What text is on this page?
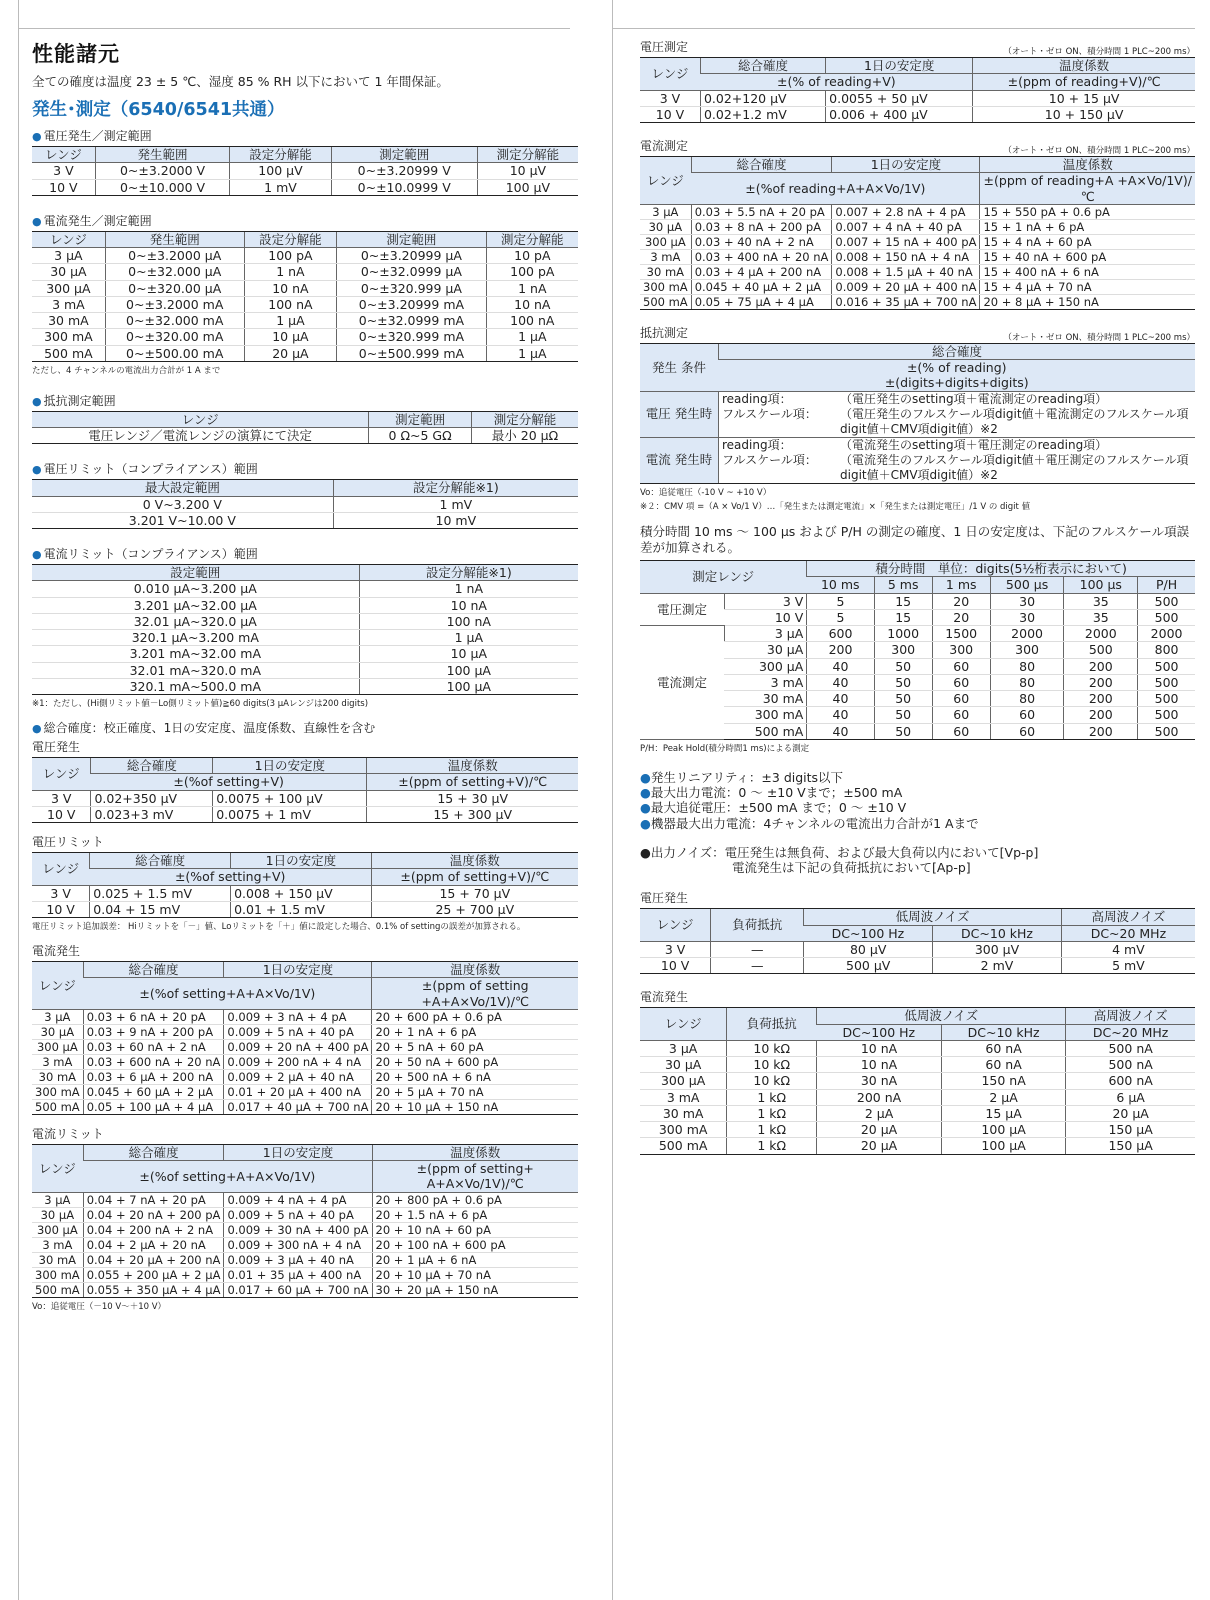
性能諸元
全ての確度は温度 23 ± 5 ℃、湿度 85 % RH 以下において 1 年間保証。
発生･測定（6540/6541共通）
● 電圧発生／測定範囲
レンジ	発生範囲	設定分解能	測定範囲	測定分解能
3 V	0~±3.2000 V	100 μV	0~±3.20999 V	10 μV
10 V	0~±10.000 V	1 mV	0~±10.0999 V	100 μV
● 電流発生／測定範囲
レンジ	発生範囲	設定分解能	測定範囲	測定分解能
3 μA	0~±3.2000 μA	100 pA	0~±3.20999 μA	10 pA
30 μA	0~±32.000 μA	1 nA	0~±32.0999 μA	100 pA
300 μA	0~±320.00 μA	10 nA	0~±320.999 μA	1 nA
3 mA	0~±3.2000 mA	100 nA	0~±3.20999 mA	10 nA
30 mA	0~±32.000 mA	1 μA	0~±32.0999 mA	100 nA
300 mA	0~±320.00 mA	10 μA	0~±320.999 mA	1 μA
500 mA	0~±500.00 mA	20 μA	0~±500.999 mA	1 μA
ただし、4 チャンネルの電流出力合計が 1 A まで
● 抵抗測定範囲
レンジ	測定範囲	測定分解能
電圧レンジ／電流レンジの演算にて決定	0 Ω~5 GΩ	最小 20 μΩ
● 電圧リミット（コンプライアンス）範囲
最大設定範囲	設定分解能※1)
0 V~3.200 V	1 mV
3.201 V~10.00 V	10 mV
● 電流リミット（コンプライアンス）範囲
設定範囲	設定分解能※1)
0.010 μA~3.200 μA	1 nA
3.201 μA~32.00 μA	10 nA
32.01 μA~320.0 μA	100 nA
320.1 μA~3.200 mA	1 μA
3.201 mA~32.00 mA	10 μA
32.01 mA~320.0 mA	100 μA
320.1 mA~500.0 mA	100 μA
※1：ただし、(Hi側リミット値－Lo側リミット値)≧60 digits(3 μAレンジは200 digits)
● 総合確度：校正確度、1日の安定度、温度係数、直線性を含む
電圧発生
レンジ	総合確度	1日の安定度	温度係数
	±(%of setting+V)		±(ppm of setting+V)/℃
3 V	0.02+350 μV	0.0075 + 100 μV	15 + 30 μV
10 V	0.023+3 mV	0.0075 + 1 mV	15 + 300 μV
電圧リミット
レンジ	総合確度	1日の安定度	温度係数
	±(%of setting+V)		±(ppm of setting+V)/℃
3 V	0.025 + 1.5 mV	0.008 + 150 μV	15 + 70 μV
10 V	0.04 + 15 mV	0.01 + 1.5 mV	25 + 700 μV
電圧リミット追加誤差： Hiリミットを「－」値、Loリミットを「＋」値に設定した場合、0.1% of settingの誤差が加算される。
電流発生
レンジ	総合確度	1日の安定度	温度係数
	±(%of setting+A+A×Vo/1V)		±(ppm of setting +A+A×Vo/1V)/℃
3 μA	0.03 + 6 nA + 20 pA	0.009 + 3 nA + 4 pA	20 + 600 pA + 0.6 pA
30 μA	0.03 + 9 nA + 200 pA	0.009 + 5 nA + 40 pA	20 + 1 nA + 6 pA
300 μA	0.03 + 60 nA + 2 nA	0.009 + 20 nA + 400 pA	20 + 5 nA + 60 pA
3 mA	0.03 + 600 nA + 20 nA	0.009 + 200 nA + 4 nA	20 + 50 nA + 600 pA
30 mA	0.03 + 6 μA + 200 nA	0.009 + 2 μA + 40 nA	20 + 500 nA + 6 nA
300 mA	0.045 + 60 μA + 2 μA	0.01 + 20 μA + 400 nA	20 + 5 μA + 70 nA
500 mA	0.05 + 100 μA + 4 μA	0.017 + 40 μA + 700 nA	20 + 10 μA + 150 nA
電流リミット
レンジ	総合確度	1日の安定度	温度係数
	±(%of setting+A+A×Vo/1V)		±(ppm of setting+ A+A×Vo/1V)/℃
3 μA	0.04 + 7 nA + 20 pA	0.009 + 4 nA + 4 pA	20 + 800 pA + 0.6 pA
30 μA	0.04 + 20 nA + 200 pA	0.009 + 5 nA + 40 pA	20 + 1.5 nA + 6 pA
300 μA	0.04 + 200 nA + 2 nA	0.009 + 30 nA + 400 pA	20 + 10 nA + 60 pA
3 mA	0.04 + 2 μA + 20 nA	0.009 + 300 nA + 4 nA	20 + 100 nA + 600 pA
30 mA	0.04 + 20 μA + 200 nA	0.009 + 3 μA + 40 nA	20 + 1 μA + 6 nA
300 mA	0.055 + 200 μA + 2 μA	0.01 + 35 μA + 400 nA	20 + 10 μA + 70 nA
500 mA	0.055 + 350 μA + 4 μA	0.017 + 60 μA + 700 nA	30 + 20 μA + 150 nA
Vo：追従電圧（－10 V～＋10 V）
電圧測定	（オート・ゼロ ON、積分時間 1 PLC~200 ms）
レンジ	総合確度	1日の安定度	温度係数
	±(% of reading+V)		±(ppm of reading+V)/℃
3 V	0.02+120 μV	0.0055 + 50 μV	10 + 15 μV
10 V	0.02+1.2 mV	0.006 + 400 μV	10 + 150 μV
電流測定	（オート・ゼロ ON、積分時間 1 PLC~200 ms）
レンジ	総合確度	1日の安定度	温度係数
	±(%of reading+A+A×Vo/1V)		±(ppm of reading+A +A×Vo/1V)/℃
3 μA	0.03 + 5.5 nA + 20 pA	0.007 + 2.8 nA + 4 pA	15 + 550 pA + 0.6 pA
30 μA	0.03 + 8 nA + 200 pA	0.007 + 4 nA + 40 pA	15 + 1 nA + 6 pA
300 μA	0.03 + 40 nA + 2 nA	0.007 + 15 nA + 400 pA	15 + 4 nA + 60 pA
3 mA	0.03 + 400 nA + 20 nA	0.008 + 150 nA + 4 nA	15 + 40 nA + 600 pA
30 mA	0.03 + 4 μA + 200 nA	0.008 + 1.5 μA + 40 nA	15 + 400 nA + 6 nA
300 mA	0.045 + 40 μA + 2 μA	0.009 + 20 μA + 400 nA	15 + 4 μA + 70 nA
500 mA	0.05 + 75 μA + 4 μA	0.016 + 35 μA + 700 nA	20 + 8 μA + 150 nA
抵抗測定	（オート・ゼロ ON、積分時間 1 PLC~200 ms）
発生 条件	総合確度
	±(% of reading)
	±(digits+digits+digits)
電圧 発生時	reading項： （電圧発生のsetting項＋電流測定のreading項）
フルスケール項： （電圧発生のフルスケール項digit値＋電流測定のフルスケール項digit値＋CMV項digit値）※2

電流 発生時	reading項： （電流発生のsetting項＋電圧測定のreading項）
フルスケール項： （電流発生のフルスケール項digit値＋電圧測定のフルスケール項digit値＋CMV項digit値）※2
Vo：追従電圧（-10 V ~ +10 V）
※２：CMV 項 =（A × Vo/1 V）…「発生または測定電流」×「発生または測定電圧」/1 V の digit 値
積分時間 10 ms ～ 100 μs および P/H の測定の確度、1 日の安定度は、下記のフルスケール項誤差が加算される。
測定レンジ		積分時間　単位：digits(5½桁表示において)					
		10 ms	5 ms	1 ms	500 μs	100 μs	P/H
電圧測定	3 V	5	15	20	30	35	500
	10 V	5	15	20	30	35	500
電流測定	3 μA	600	1000	1500	2000	2000	2000
	30 μA	200	300	300	300	500	800
	300 μA	40	50	60	80	200	500
	3 mA	40	50	60	80	200	500
	30 mA	40	50	60	80	200	500
	300 mA	40	50	60	60	200	500
	500 mA	40	50	60	60	200	500
P/H：Peak Hold(積分時間1 ms)による測定
●発生リニアリティ：±3 digits以下
●最大出力電流：0 ～ ±10 Vまで；±500 mA
●最大追従電圧：±500 mA まで；0 ～ ±10 V
●機器最大出力電流：4チャンネルの電流出力合計が1 Aまで
●出力ノイズ：電圧発生は無負荷、および最大負荷以内において[Vp-p]
電流発生は下記の負荷抵抗において[Ap-p]
電圧発生
レンジ	負荷抵抗	低周波ノイズ		高周波ノイズ
		DC~100 Hz	DC~10 kHz	DC~20 MHz
3 V	—	80 μV	300 μV	4 mV
10 V	—	500 μV	2 mV	5 mV
電流発生
レンジ	負荷抵抗	低周波ノイズ		高周波ノイズ
		DC~100 Hz	DC~10 kHz	DC~20 MHz
3 μA	10 kΩ	10 nA	60 nA	500 nA
30 μA	10 kΩ	10 nA	60 nA	500 nA
300 μA	10 kΩ	30 nA	150 nA	600 nA
3 mA	1 kΩ	200 nA	2 μA	6 μA
30 mA	1 kΩ	2 μA	15 μA	20 μA
300 mA	1 kΩ	20 μA	100 μA	150 μA
500 mA	1 kΩ	20 μA	100 μA	150 μA
